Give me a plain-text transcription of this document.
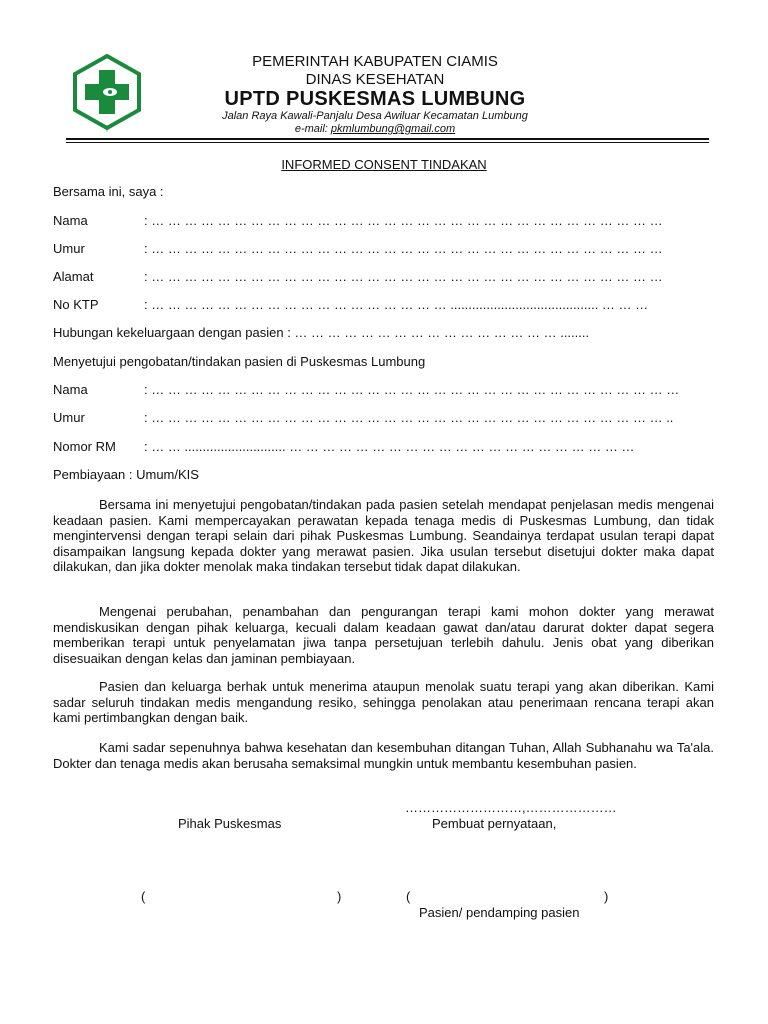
ᵕ
PEMERINTAH KABUPATEN CIAMIS
DINAS KESEHATAN
UPTD PUSKESMAS LUMBUNG
Jalan Raya Kawali-Panjalu Desa Awiluar Kecamatan Lumbung
e-mail: pkmlumbung@gmail.com
INFORMED CONSENT TINDAKAN
Bersama ini, saya :
Nama	: … … … … … … … … … … … … … … … … … … … … … … … … … … … … … … …
Umur	: … … … … … … … … … … … … … … … … … … … … … … … … … … … … … … …
Alamat	: … … … … … … … … … … … … … … … … … … … … … … … … … … … … … … …
No KTP	: … … … … … … … … … … … … … … … … … … ......................................... … … …
Hubungan kekeluargaan dengan pasien : … … … … … … … … … … … … … … … … ........
Menyetujui pengobatan/tindakan pasien di Puskesmas Lumbung
Nama	: … … … … … … … … … … … … … … … … … … … … … … … … … … … … … … … …
Umur	: … … … … … … … … … … … … … … … … … … … … … … … … … … … … … … … ..
Nomor RM : … … ............................ … … … … … … … … … … … … … … … … … … … … …
Pembiayaan : Umum/KIS
Bersama ini menyetujui pengobatan/tindakan pada pasien setelah mendapat penjelasan medis mengenai keadaan pasien. Kami mempercayakan perawatan kepada tenaga medis di Puskesmas Lumbung, dan tidak mengintervensi dengan terapi selain dari pihak Puskesmas Lumbung. Seandainya terdapat usulan terapi dapat disampaikan langsung kepada dokter yang merawat pasien. Jika usulan tersebut disetujui dokter maka dapat dilakukan, dan jika dokter menolak maka tindakan tersebut tidak dapat dilakukan.
Mengenai perubahan, penambahan dan pengurangan terapi kami mohon dokter yang merawat mendiskusikan dengan pihak keluarga, kecuali dalam keadaan gawat dan/atau darurat dokter dapat segera memberikan terapi untuk penyelamatan jiwa tanpa persetujuan terlebih dahulu. Jenis obat yang diberikan disesuaikan dengan kelas dan jaminan pembiayaan.
Pasien dan keluarga berhak untuk menerima ataupun menolak suatu terapi yang akan diberikan. Kami sadar seluruh tindakan medis mengandung resiko, sehingga penolakan atau penerimaan rencana terapi akan kami pertimbangkan dengan baik.
Kami sadar sepenuhnya bahwa kesehatan dan kesembuhan ditangan Tuhan, Allah Subhanahu wa Ta'ala. Dokter dan tenaga medis akan berusaha semaksimal mungkin untuk membantu kesembuhan pasien.
………………………,…………………
Pihak Puskesmas	Pembuat pernyataan,
(	)	(	)
Pasien/ pendamping pasien
